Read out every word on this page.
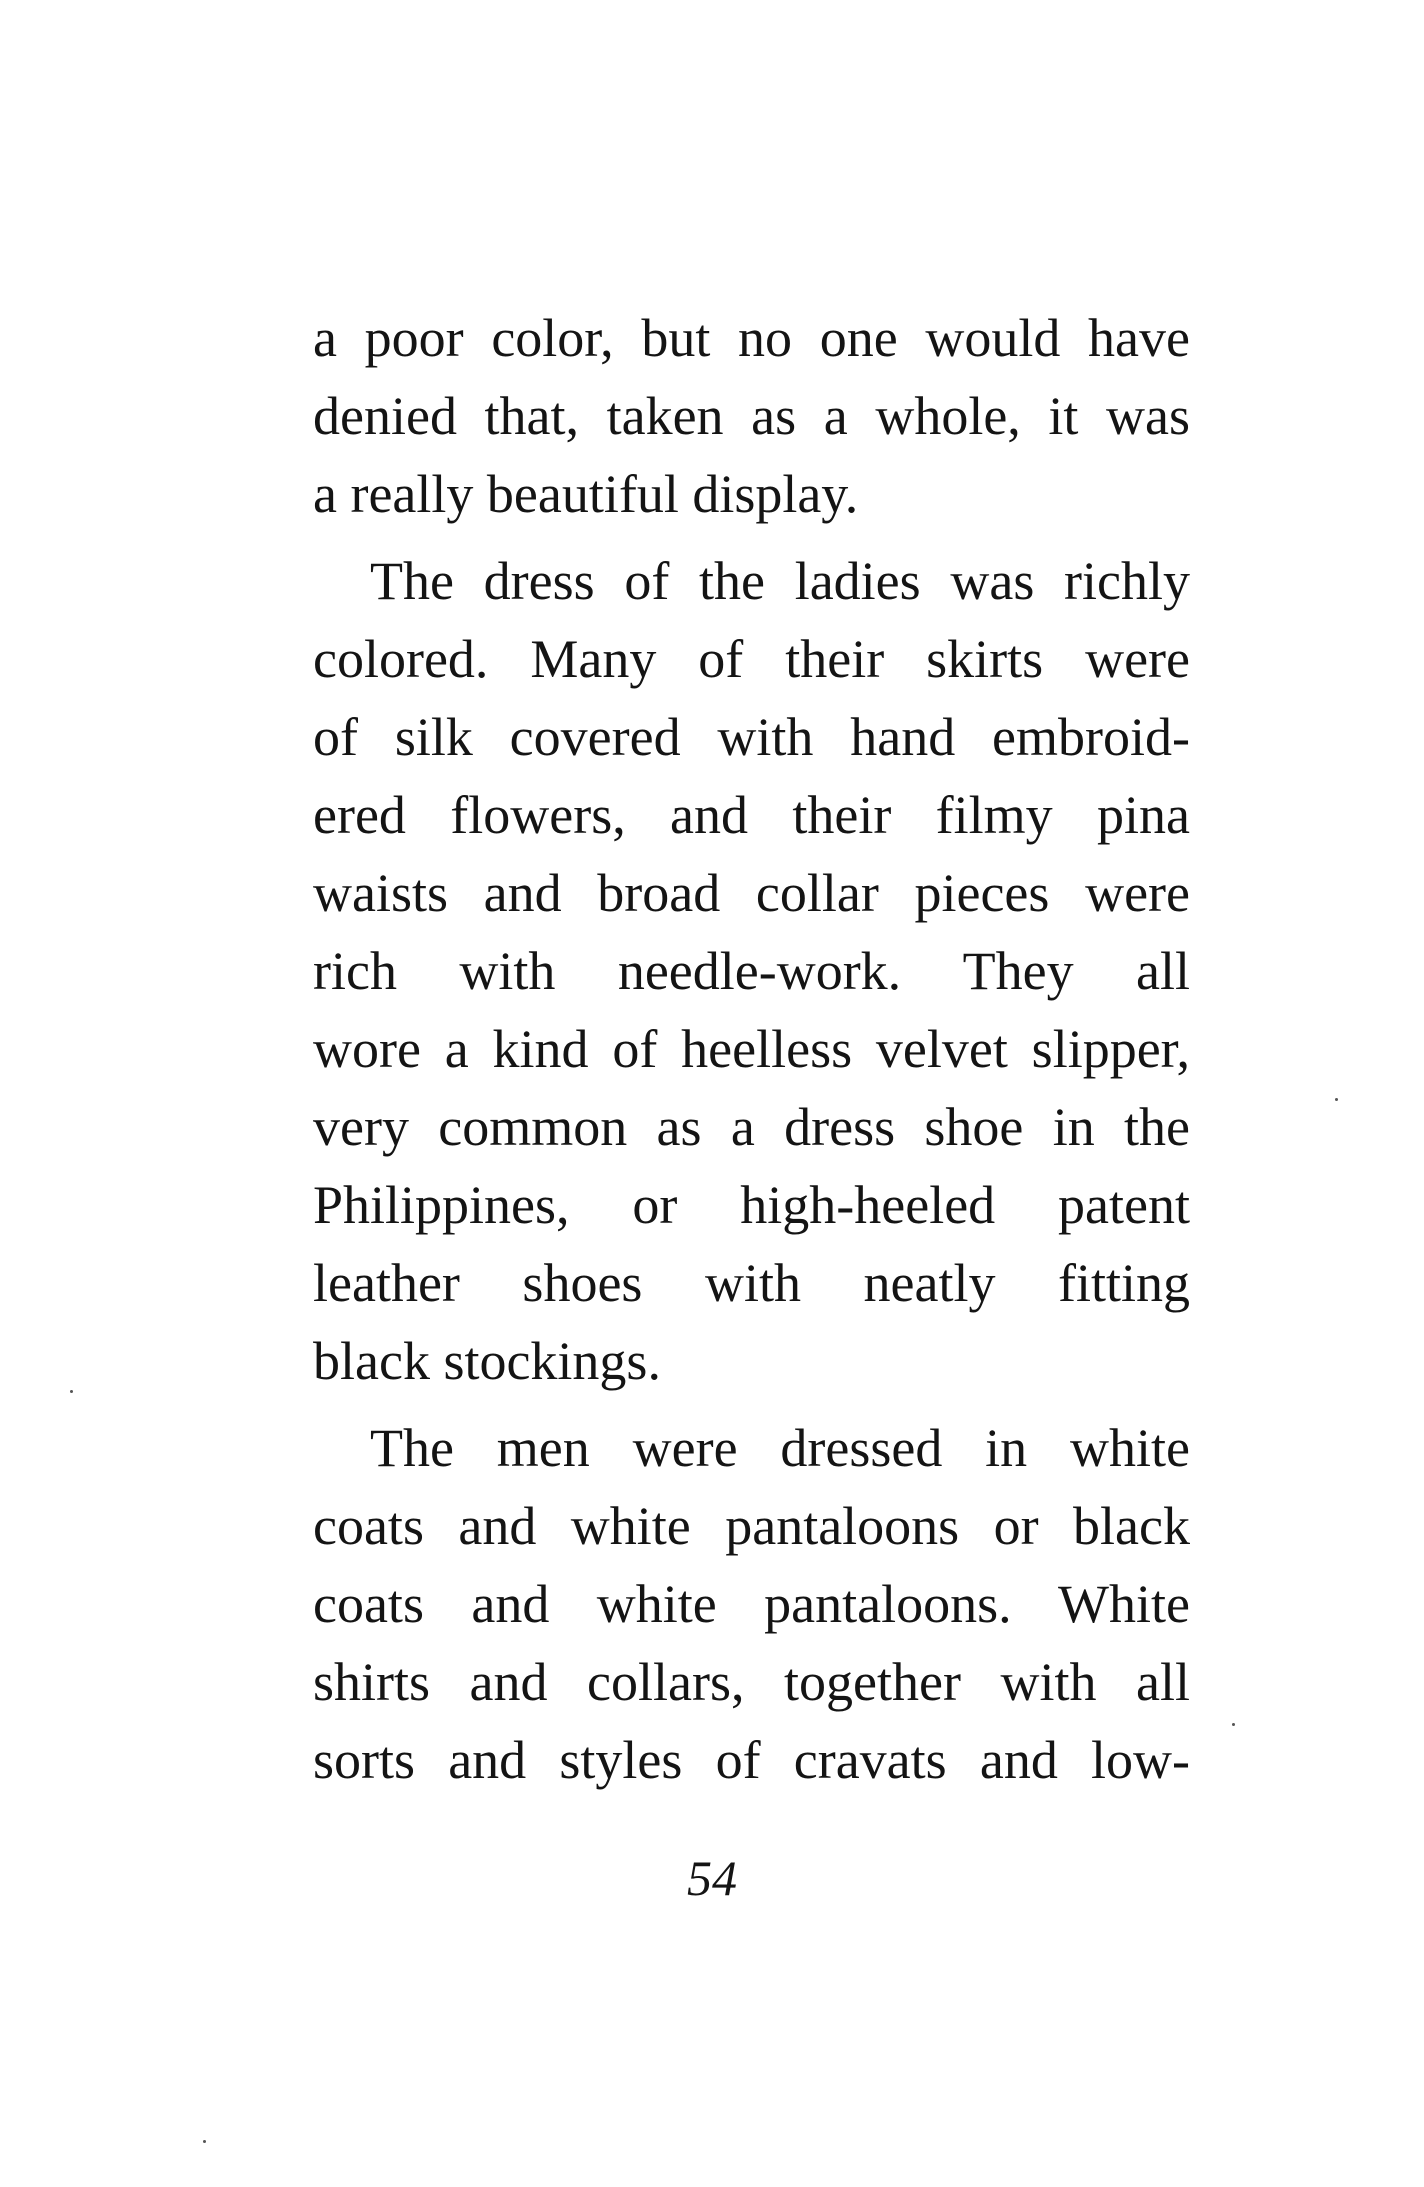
a poor color, but no one would have
denied that, taken as a whole, it was
a really beautiful display.
The dress of the ladies was richly
colored. Many of their skirts were
of silk covered with hand embroid-
ered flowers, and their filmy pina
waists and broad collar pieces were
rich with needle-work. They all
wore a kind of heelless velvet slipper,
very common as a dress shoe in the
Philippines, or high-heeled patent
leather shoes with neatly fitting
black stockings.
The men were dressed in white
coats and white pantaloons or black
coats and white pantaloons. White
shirts and collars, together with all
sorts and styles of cravats and low-
54
